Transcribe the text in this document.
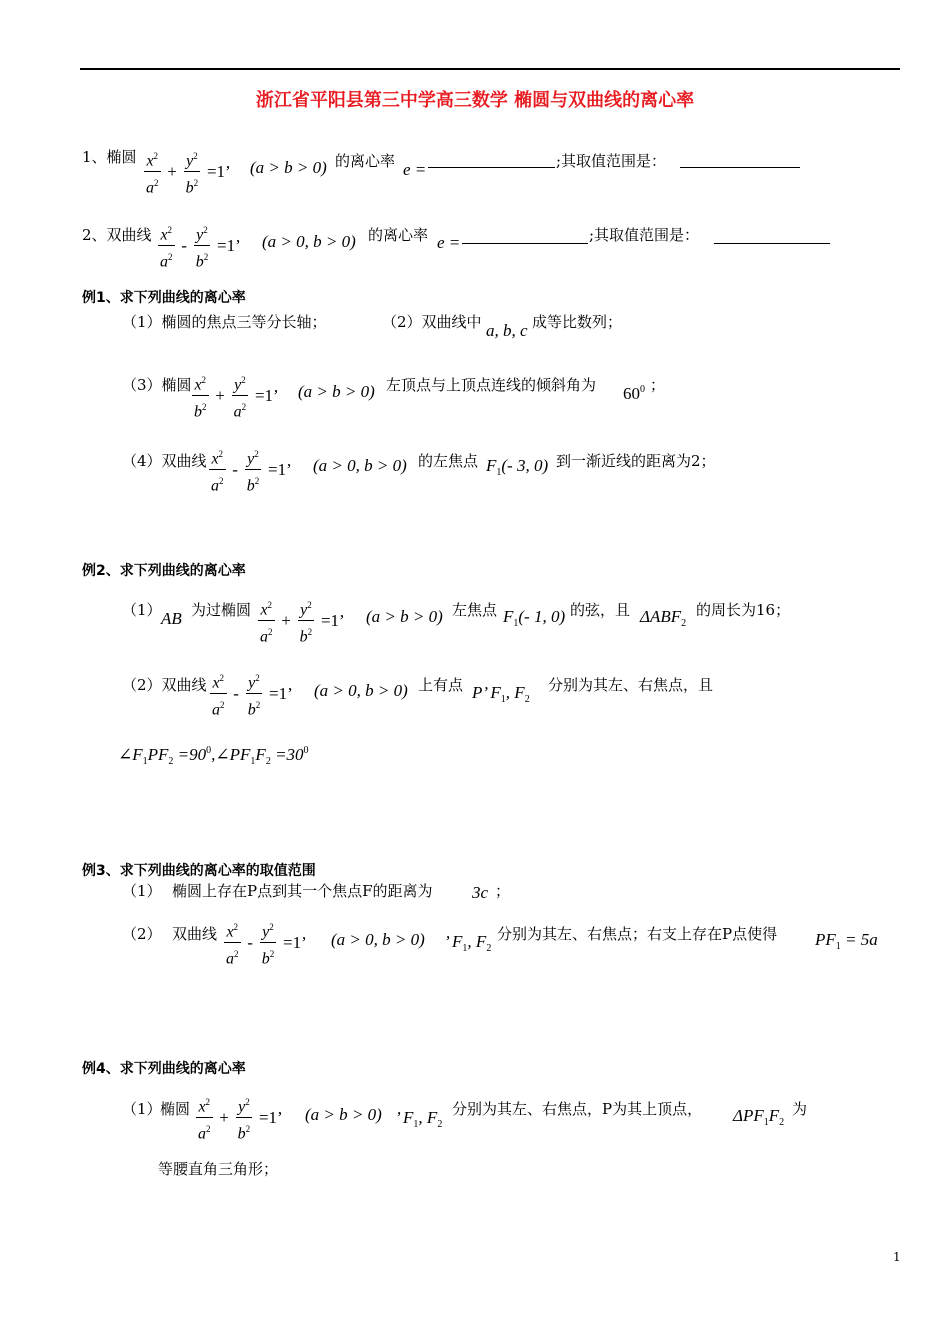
浙江省平阳县第三中学高三数学 椭圆与双曲线的离心率
1、椭圆 $\frac{x^2}{a^2} + \frac{y^2}{b^2} =1$’ (a > b > 0) 的离心率 e =	;其取值范围是：
2、双曲线 $\frac{x^2}{a^2} - \frac{y^2}{b^2} =1$’ (a > 0, b > 0) 的离心率 e =	;其取值范围是：
例1、求下列曲线的离心率
（1）椭圆的焦点三等分长轴；	（2）双曲线中 a, b, c 成等比数列；
（3）椭圆 $\frac{x^2}{b^2} + \frac{y^2}{a^2} =1$’ (a > b > 0) 左顶点与上顶点连线的倾斜角为 $60^0$ ；
（4）双曲线 $\frac{x^2}{a^2} - \frac{y^2}{b^2} =1$’ (a > 0, b > 0) 的左焦点 $F_1(-$ 3, 0) 到一渐近线的距离为2；
例2、求下列曲线的离心率
（1） AB 为过椭圆 $\frac{x^2}{a^2} + \frac{y^2}{b^2} =1$’ (a > b > 0) 左焦点 $F_1(-$ 1, 0) 的弦，且 $\Delta ABF_2$
的周长为16；
（2）双曲线 $\frac{x^2}{a^2} - \frac{y^2}{b^2} =1$’ (a > 0, b > 0) 上有点 P’ $F_1$, $F_2$
分别为其左、右焦点，且
$\angle F_1PF_2$ $=90^0,\angle PF_1F_2 =30^0$
例3、求下列曲线的离心率的取值范围
（1） 椭圆上存在P点到其一个焦点F的距离为 3c ；
（2） 双曲线 $\frac{x^2}{a^2} - \frac{y^2}{b^2} =1$’ (a > 0, b > 0) ’ $F_1$, $F_2$
分别为其左、右焦点；右支上存在P点使得 $PF_1 = 5a$
例4、求下列曲线的离心率
（1）
椭圆 $\frac{x^2}{a^2} + \frac{y^2}{b^2} =1$’ (a > b > 0) ’ $F_1$, $F_2$
分别为其左、右焦点，P为其上顶点， $\Delta PF_1F_2$
为
等腰直角三角形；
1
